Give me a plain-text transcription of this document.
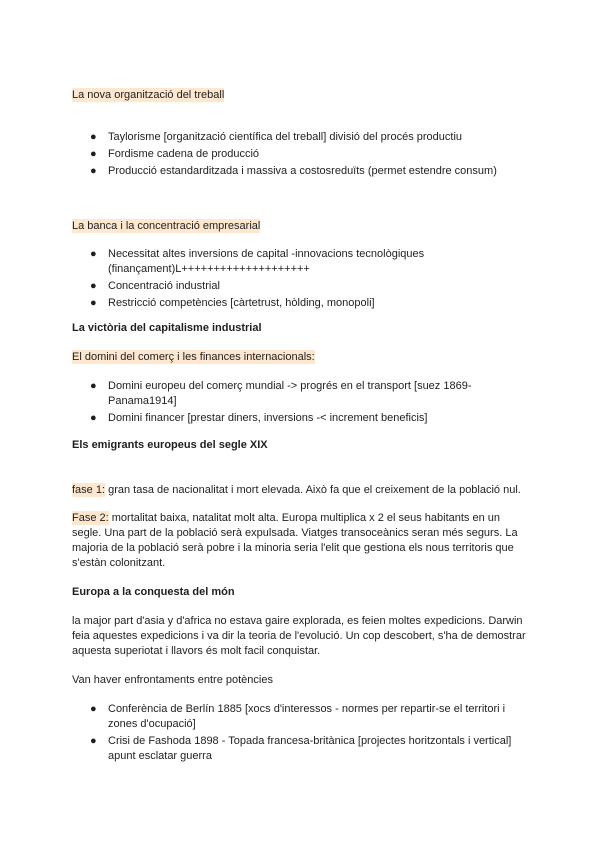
La nova organització del treball
● Taylorisme [organització científica del treball] divisió del procés productiu
● Fordisme cadena de producció
● Producció estandarditzada i massiva a costosreduïts (permet estendre consum)
La banca i la concentració empresarial
● Necessitat altes inversions de capital -innovacions tecnològiques (finançament)L++++++++++++++++++++
● Concentració industrial
● Restricció competències [càrtetrust, hòlding, monopoli]
La victòria del capitalisme industrial
El domini del comerç i les finances internacionals:
● Domini europeu del comerç mundial -> progrés en el transport [suez 1869-Panama1914]
● Domini financer [prestar diners, inversions -< increment beneficis]
Els emigrants europeus del segle XIX

fase 1: gran tasa de nacionalitat i mort elevada. Això fa que el creixement de la població nul.

Fase 2: mortalitat baixa, natalitat molt alta. Europa multiplica x 2 el seus habitants en un segle. Una part de la població serà expulsada. Viatges transoceànics seran més segurs. La majoria de la població serà pobre i la minoria seria l'elit que gestiona els nous territoris que s'estàn colonitzant.

Europa a la conquesta del món

la major part d'asia y d'africa no estava gaire explorada, es feien moltes expedicions. Darwin feia aquestes expedicions i va dir la teoria de l'evolució. Un cop descobert, s'ha de demostrar aquesta superiotat i llavors és molt facil conquistar.

Van haver enfrontaments entre potències

● Conferència de Berlín 1885 [xocs d'interessos - normes per repartir-se el territori i zones d'ocupació]
● Crisi de Fashoda 1898 - Topada francesa-britànica [projectes horitzontals i vertical] apunt esclatar guerra
